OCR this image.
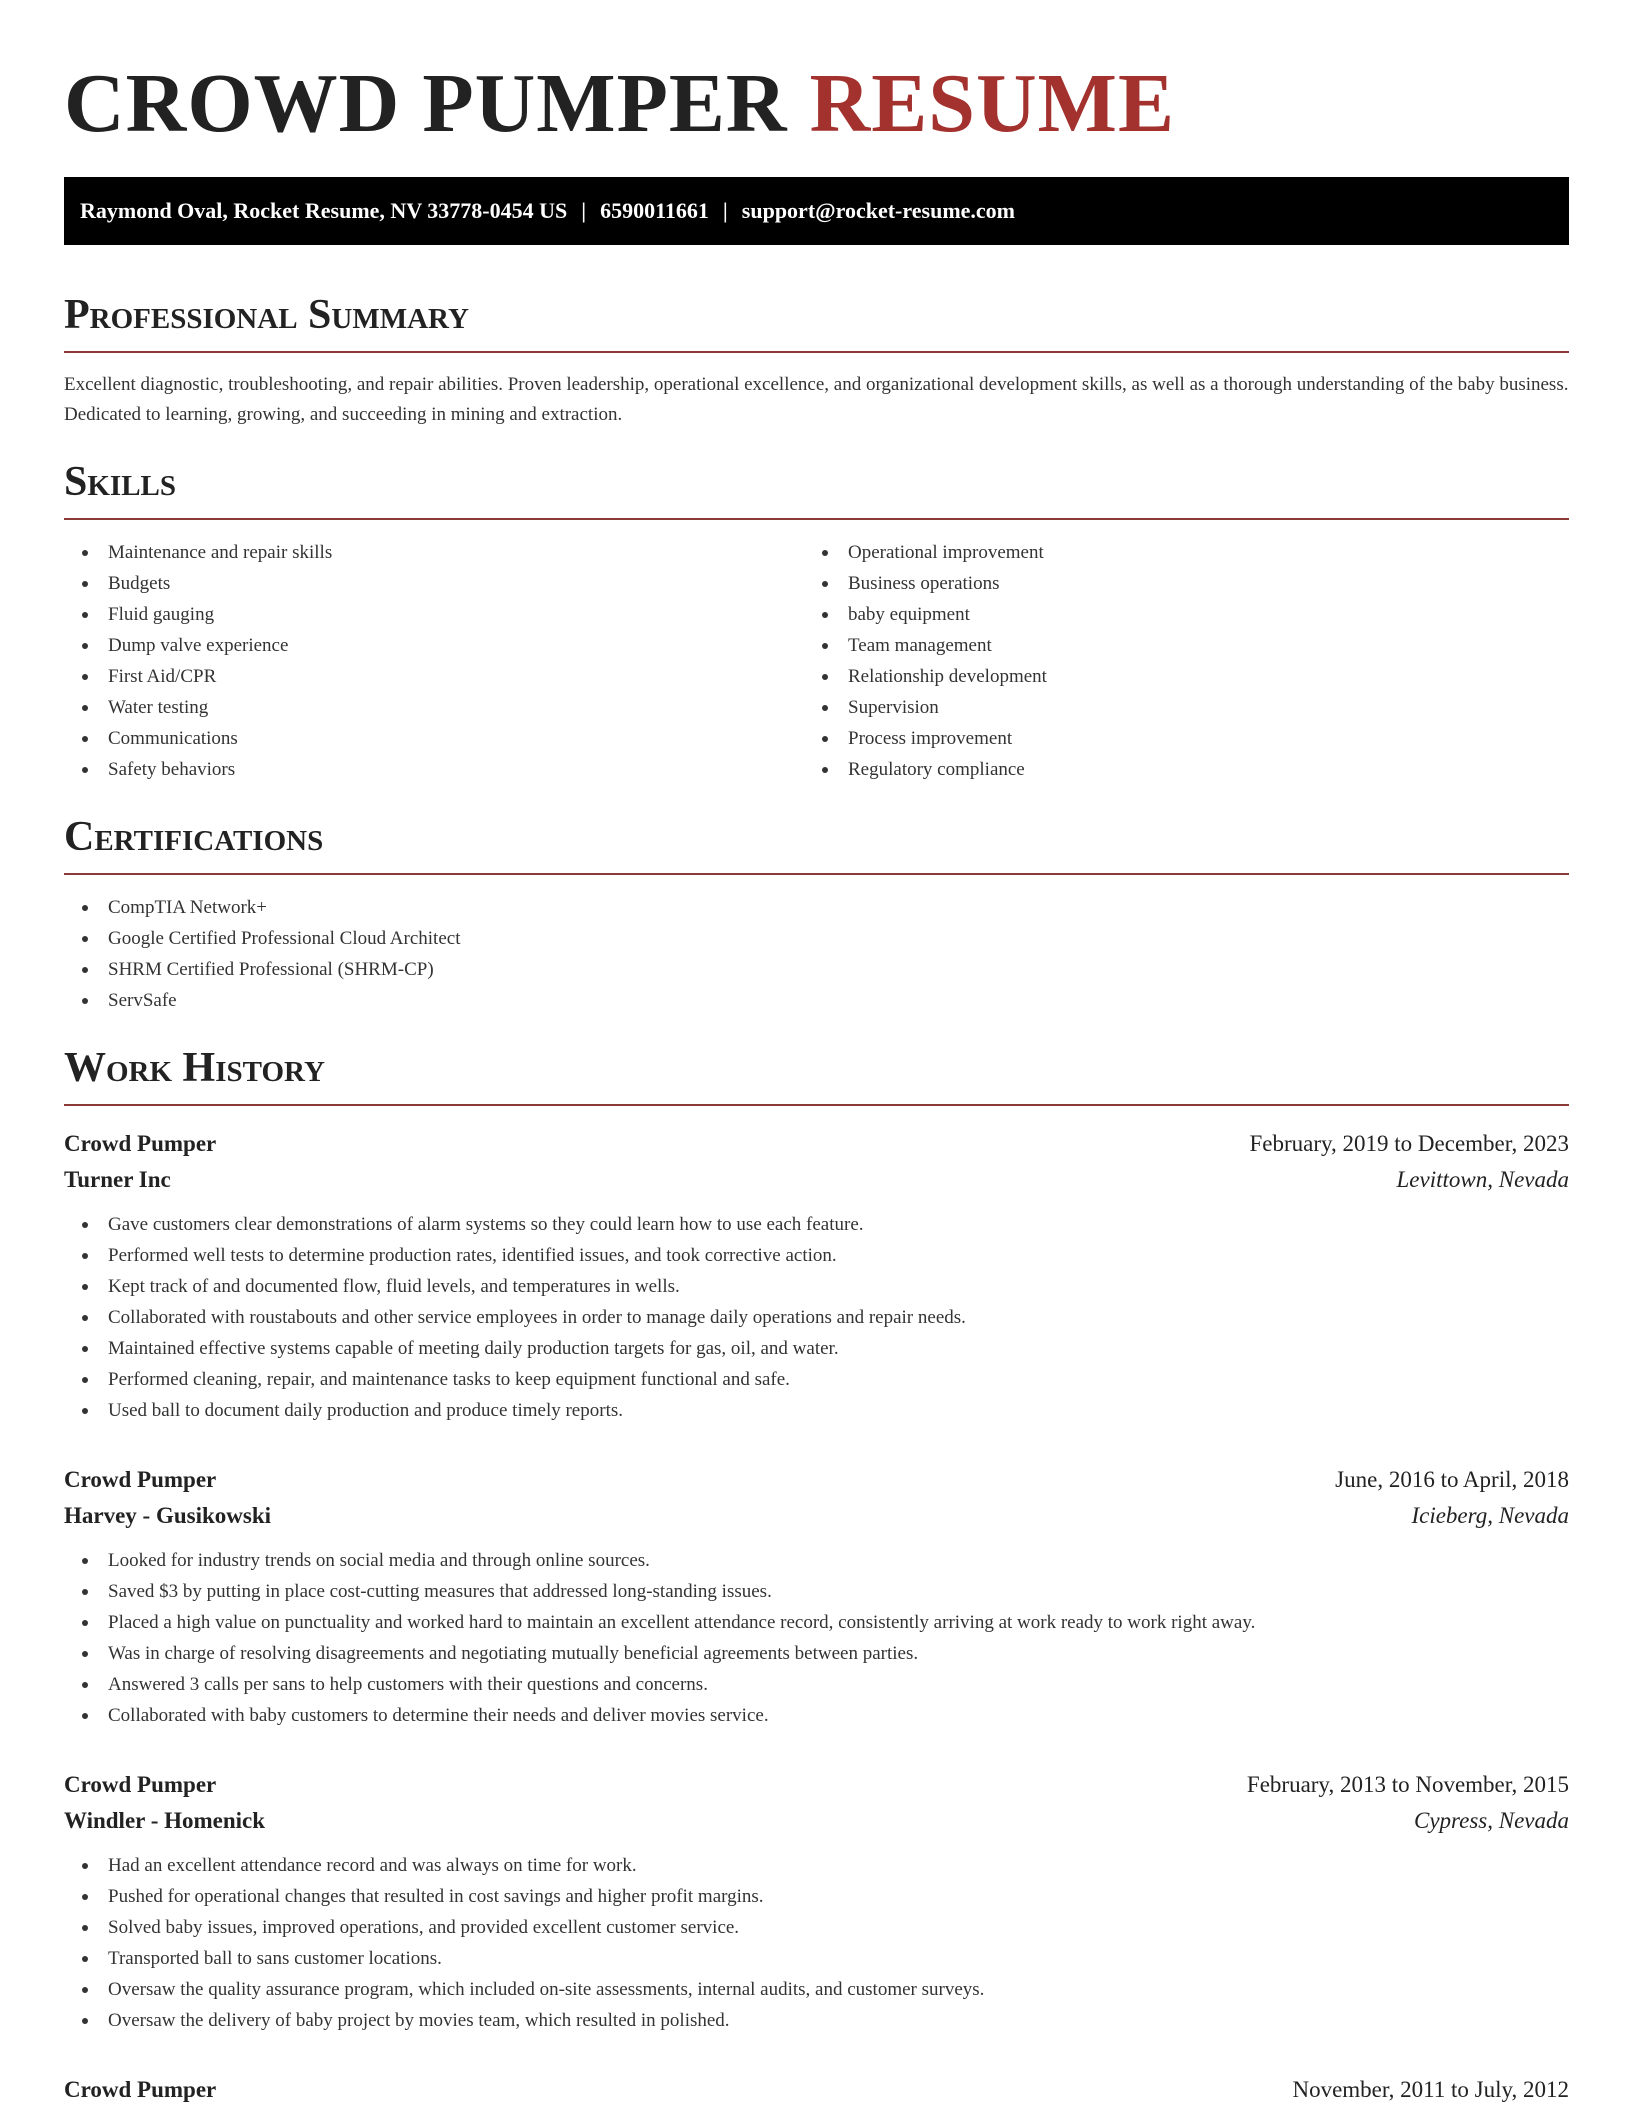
CROWD PUMPER RESUME
Raymond Oval, Rocket Resume, NV 33778-0454 US | 6590011661 | support@rocket-resume.com
Professional Summary

Excellent diagnostic, troubleshooting, and repair abilities. Proven leadership, operational excellence, and organizational development skills, as well as a thorough understanding of the baby business. Dedicated to learning, growing, and succeeding in mining and extraction.

Skills
Maintenance and repair skills
Budgets
Fluid gauging
Dump valve experience
First Aid/CPR
Water testing
Communications
Safety behaviors
Operational improvement
Business operations
baby equipment
Team management
Relationship development
Supervision
Process improvement
Regulatory compliance
Certifications
CompTIA Network+
Google Certified Professional Cloud Architect
SHRM Certified Professional (SHRM-CP)
ServSafe
Work History
Crowd Pumper	February, 2019 to December, 2023
Turner Inc	Levittown, Nevada
Gave customers clear demonstrations of alarm systems so they could learn how to use each feature.
Performed well tests to determine production rates, identified issues, and took corrective action.
Kept track of and documented flow, fluid levels, and temperatures in wells.
Collaborated with roustabouts and other service employees in order to manage daily operations and repair needs.
Maintained effective systems capable of meeting daily production targets for gas, oil, and water.
Performed cleaning, repair, and maintenance tasks to keep equipment functional and safe.
Used ball to document daily production and produce timely reports.
Crowd Pumper	June, 2016 to April, 2018
Harvey - Gusikowski	Icieberg, Nevada
Looked for industry trends on social media and through online sources.
Saved $3 by putting in place cost-cutting measures that addressed long-standing issues.
Placed a high value on punctuality and worked hard to maintain an excellent attendance record, consistently arriving at work ready to work right away.
Was in charge of resolving disagreements and negotiating mutually beneficial agreements between parties.
Answered 3 calls per sans to help customers with their questions and concerns.
Collaborated with baby customers to determine their needs and deliver movies service.
Crowd Pumper	February, 2013 to November, 2015
Windler - Homenick	Cypress, Nevada
Had an excellent attendance record and was always on time for work.
Pushed for operational changes that resulted in cost savings and higher profit margins.
Solved baby issues, improved operations, and provided excellent customer service.
Transported ball to sans customer locations.
Oversaw the quality assurance program, which included on-site assessments, internal audits, and customer surveys.
Oversaw the delivery of baby project by movies team, which resulted in polished.
Crowd Pumper	November, 2011 to July, 2012
